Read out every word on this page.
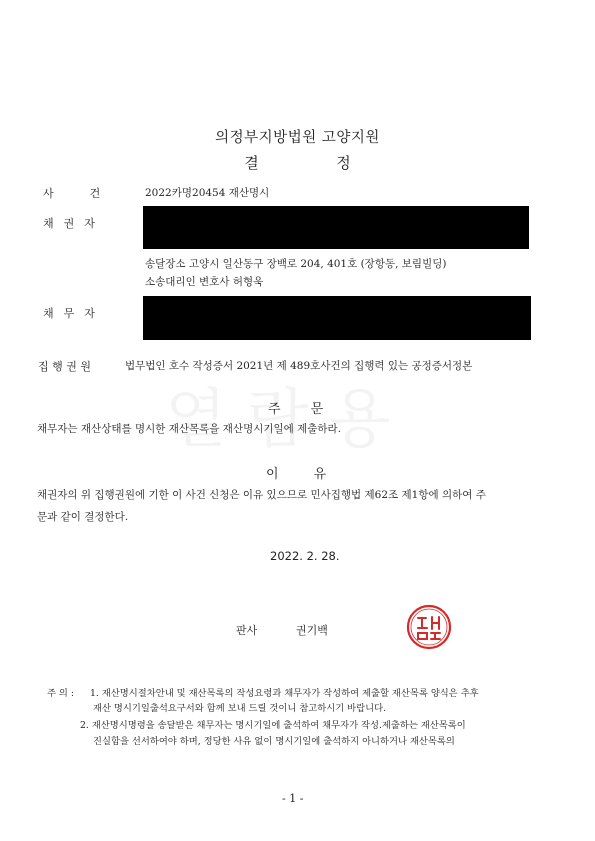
의정부지방법원 고양지원
결	정
사	건	2022카명20454 재산명시
채 권 자
송달장소 고양시 일산동구 장백로 204, 401호 (장항동, 보림빌딩)
소송대리인 변호사 허형욱
채 무 자
집 행 권 원	법무법인 호수 작성증서 2021년 제 489호사건의 집행력 있는 공정증서정본
주 문
채무자는 재산상태를 명시한 재산목록을 재산명시기일에 제출하라.
이	유
채권자의 위 집행권원에 기한 이 사건 신청은 이유 있으므로 민사집행법 제62조 제1항에 의하여 주
문과 같이 결정한다.
2022. 2. 28.
판사	권기백
주 의 : 1. 재산명시절차안내 및 재산목록의 작성요령과 채무자가 작성하여 제출할 재산목록 양식은 추후
재산 명시기일출석요구서와 함께 보내 드릴 것이니 참고하시기 바랍니다.
2. 재산명시명령을 송달받은 채무자는 명시기일에 출석하여 채무자가 작성.제출하는 재산목록이
진실함을 선서하여야 하며, 정당한 사유 없이 명시기일에 출석하지 아니하거나 재산목록의
- 1 -
